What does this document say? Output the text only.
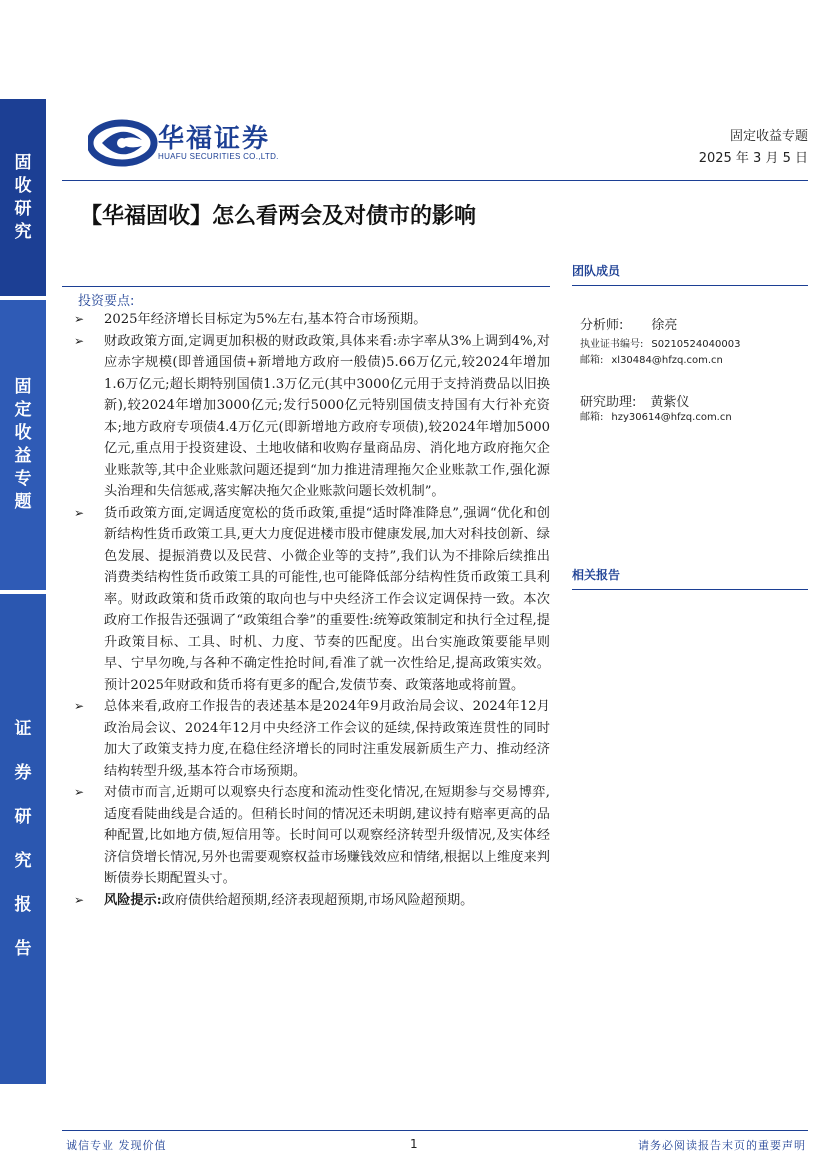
固
收
研
究
固
定
收
益
专
题
证
券
研
究
报
告
华福证券
HUAFU SECURITIES CO.,LTD.
固定收益专题
2025 年 3 月 5 日
【华福固收】怎么看两会及对债市的影响
团队成员
分析师: 徐亮
执业证书编号: S0210524040003
邮箱: xl30484@hfzq.com.cn
研究助理: 黄紫仪
邮箱: hzy30614@hfzq.com.cn
相关报告
投资要点:
➢ 2025年经济增长目标定为5%左右,基本符合市场预期。
➢ 财政政策方面,定调更加积极的财政政策,具体来看:赤字率从3%上调到4%,对应赤字规模(即普通国债+新增地方政府一般债)5.66万亿元,较2024年增加1.6万亿元;超长期特别国债1.3万亿元(其中3000亿元用于支持消费品以旧换新),较2024年增加3000亿元;发行5000亿元特别国债支持国有大行补充资本;地方政府专项债4.4万亿元(即新增地方政府专项债),较2024年增加5000亿元,重点用于投资建设、土地收储和收购存量商品房、消化地方政府拖欠企业账款等,其中企业账款问题还提到“加力推进清理拖欠企业账款工作,强化源头治理和失信惩戒,落实解决拖欠企业账款问题长效机制”。
➢ 货币政策方面,定调适度宽松的货币政策,重提“适时降准降息”,强调“优化和创新结构性货币政策工具,更大力度促进楼市股市健康发展,加大对科技创新、绿色发展、提振消费以及民营、小微企业等的支持”,我们认为不排除后续推出消费类结构性货币政策工具的可能性,也可能降低部分结构性货币政策工具利率。财政政策和货币政策的取向也与中央经济工作会议定调保持一致。本次政府工作报告还强调了“政策组合拳”的重要性:统筹政策制定和执行全过程,提升政策目标、工具、时机、力度、节奏的匹配度。出台实施政策要能早则早、宁早勿晚,与各种不确定性抢时间,看准了就一次性给足,提高政策实效。预计2025年财政和货币将有更多的配合,发债节奏、政策落地或将前置。
➢ 总体来看,政府工作报告的表述基本是2024年9月政治局会议、2024年12月政治局会议、2024年12月中央经济工作会议的延续,保持政策连贯性的同时加大了政策支持力度,在稳住经济增长的同时注重发展新质生产力、推动经济结构转型升级,基本符合市场预期。
➢ 对债市而言,近期可以观察央行态度和流动性变化情况,在短期参与交易博弈,适度看陡曲线是合适的。但稍长时间的情况还未明朗,建议持有赔率更高的品种配置,比如地方债,短信用等。长时间可以观察经济转型升级情况,及实体经济信贷增长情况,另外也需要观察权益市场赚钱效应和情绪,根据以上维度来判断债券长期配置头寸。
➢ 风险提示:政府债供给超预期,经济表现超预期,市场风险超预期。
诚信专业 发现价值	1	请务必阅读报告末页的重要声明
